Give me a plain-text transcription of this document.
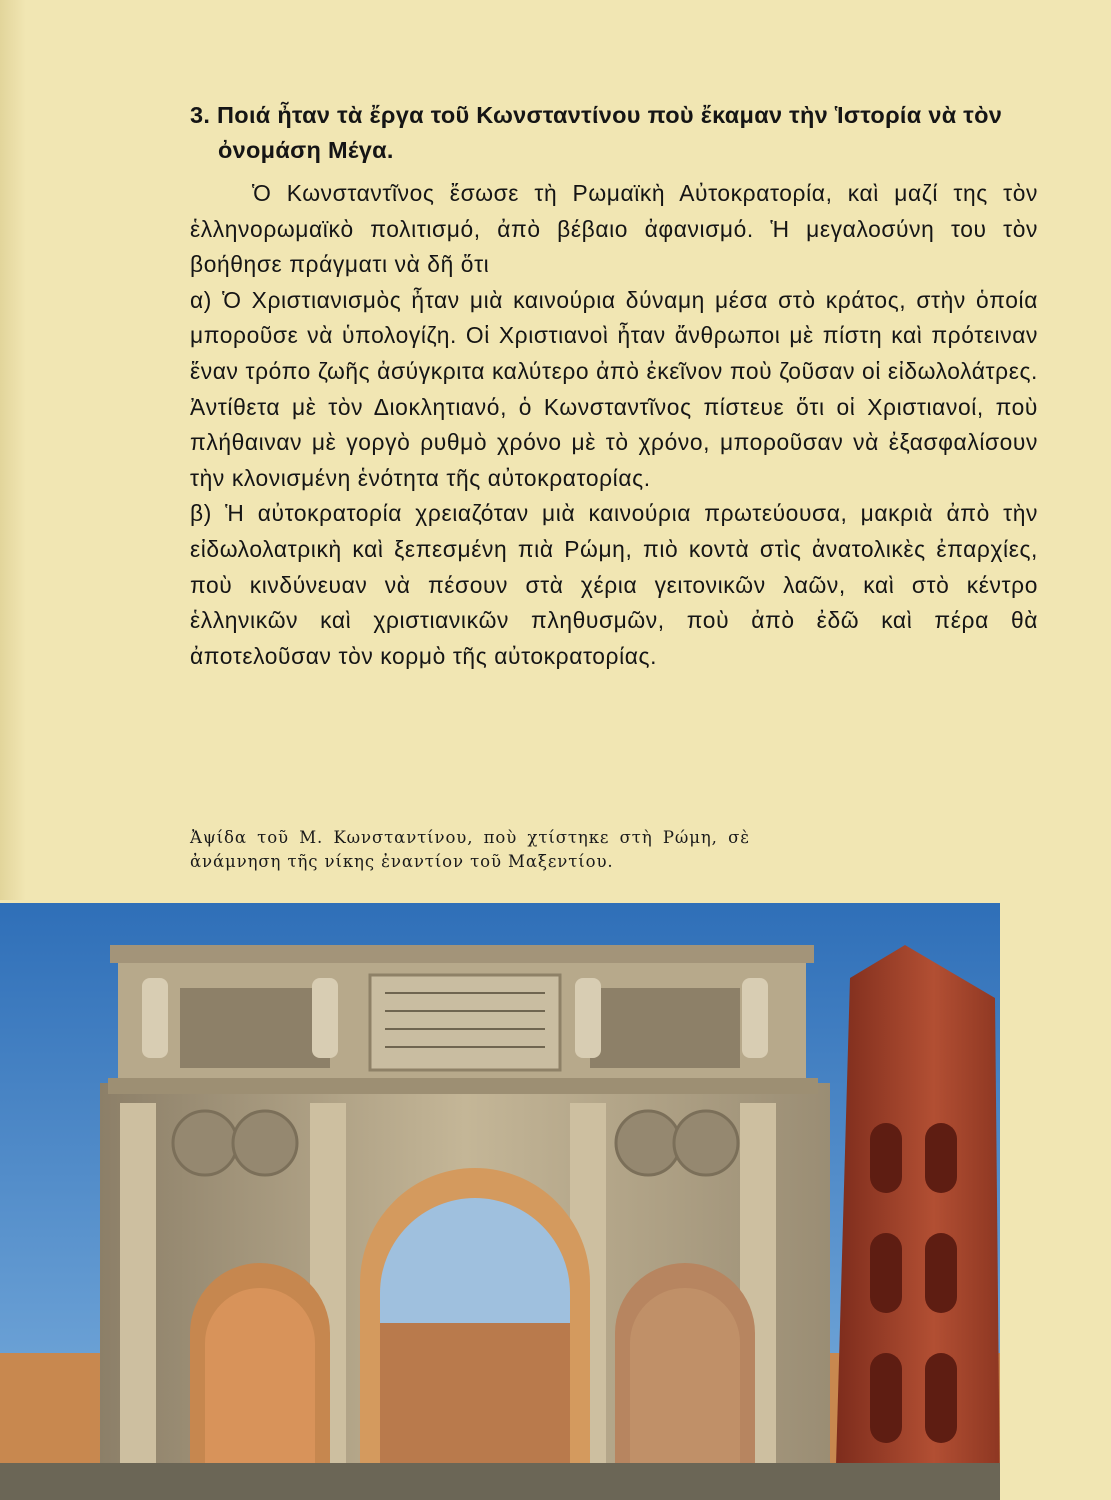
3. Ποιά ἦταν τὰ ἔργα τοῦ Κωνσταντίνου ποὺ ἔκαμαν τὴν Ἱστορία νὰ τὸν ὀνομάση Μέγα.

Ὁ Κωνσταντῖνος ἔσωσε τὴ Ρωμαϊκὴ Αὐτοκρατορία, καὶ μαζί της τὸν ἑλληνορωμαϊκὸ πολιτισμό, ἀπὸ βέβαιο ἀφανισμό. Ἡ μεγαλοσύνη του τὸν βοήθησε πράγματι νὰ δῆ ὅτι

α) Ὁ Χριστιανισμὸς ἦταν μιὰ καινούρια δύναμη μέσα στὸ κράτος, στὴν ὁποία μποροῦσε νὰ ὑπολογίζη. Οἱ Χριστιανοὶ ἦταν ἄνθρωποι μὲ πίστη καὶ πρότειναν ἕναν τρόπο ζωῆς ἀσύγκριτα καλύτερο ἀπὸ ἐκεῖνον ποὺ ζοῦσαν οἱ εἰδωλολάτρες. Ἀντίθετα μὲ τὸν Διοκλητιανό, ὁ Κωνσταντῖνος πίστευε ὅτι οἱ Χριστιανοί, ποὺ πλήθαιναν μὲ γοργὸ ρυθμὸ χρόνο μὲ τὸ χρόνο, μποροῦσαν νὰ ἐξασφαλίσουν τὴν κλονισμένη ἑνότητα τῆς αὐτοκρατορίας.

β) Ἡ αὐτοκρατορία χρειαζόταν μιὰ καινούρια πρωτεύουσα, μακριὰ ἀπὸ τὴν εἰδωλολατρικὴ καὶ ξεπεσμένη πιὰ Ρώμη, πιὸ κοντὰ στὶς ἀνατολικὲς ἐπαρχίες, ποὺ κινδύνευαν νὰ πέσουν στὰ χέρια γειτονικῶν λαῶν, καὶ στὸ κέντρο ἑλληνικῶν καὶ χριστιανικῶν πληθυσμῶν, ποὺ ἀπὸ ἐδῶ καὶ πέρα θὰ ἀποτελοῦσαν τὸν κορμὸ τῆς αὐτοκρατορίας.

Ἀψίδα τοῦ Μ. Κωνσταντίνου, ποὺ χτίστηκε στὴ Ρώμη, σὲ ἀνάμνηση τῆς νίκης ἐναντίον τοῦ Μαξεντίου.
